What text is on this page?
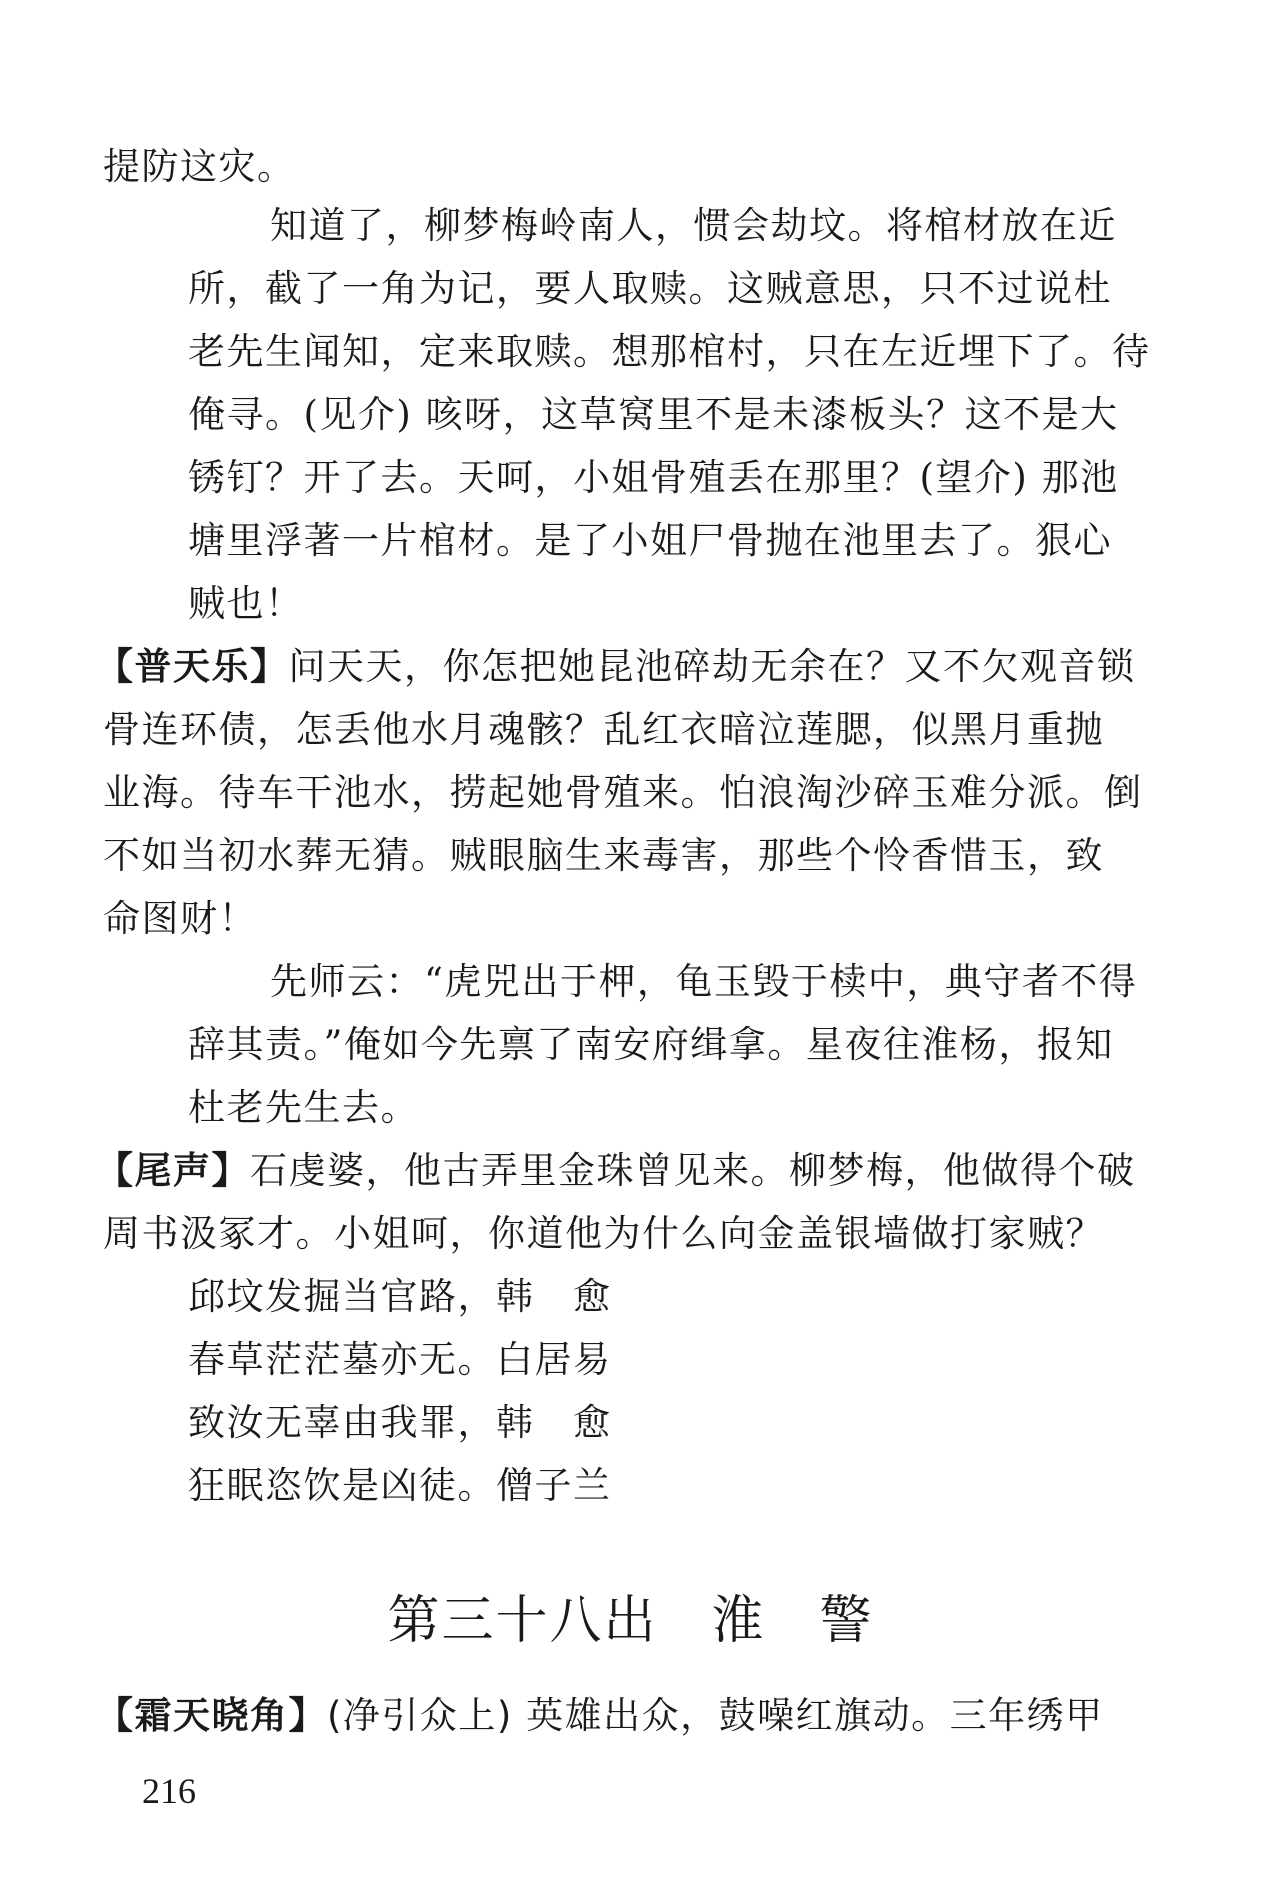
提防这灾。
知道了，柳梦梅岭南人，惯会劫坟。将棺材放在近
所，截了一角为记，要人取赎。这贼意思，只不过说杜
老先生闻知，定来取赎。想那棺村，只在左近埋下了。待
俺寻。(见介) 咳呀，这草窝里不是未漆板头？这不是大
锈钉？开了去。天呵，小姐骨殖丢在那里？(望介) 那池
塘里浮著一片棺材。是了小姐尸骨抛在池里去了。狠心
贼也！
【普天乐】问天天，你怎把她昆池碎劫无余在？又不欠观音锁
骨连环债，怎丢他水月魂骸？乱红衣暗泣莲腮，似黑月重抛
业海。待车干池水，捞起她骨殖来。怕浪淘沙碎玉难分派。倒
不如当初水葬无猜。贼眼脑生来毒害，那些个怜香惜玉，致
命图财！
先师云：“虎兕出于柙，龟玉毁于椟中，典守者不得
辞其责。”俺如今先禀了南安府缉拿。星夜往淮杨，报知
杜老先生去。
【尾声】石虔婆，他古弄里金珠曾见来。柳梦梅，他做得个破
周书汲冢才。小姐呵，你道他为什么向金盖银墙做打家贼？
邱坟发掘当官路，韩　愈
春草茫茫墓亦无。白居易
致汝无辜由我罪，韩　愈
狂眠恣饮是凶徒。僧子兰
第三十八出　淮　警
【霜天晓角】(净引众上) 英雄出众，鼓噪红旗动。三年绣甲
216
